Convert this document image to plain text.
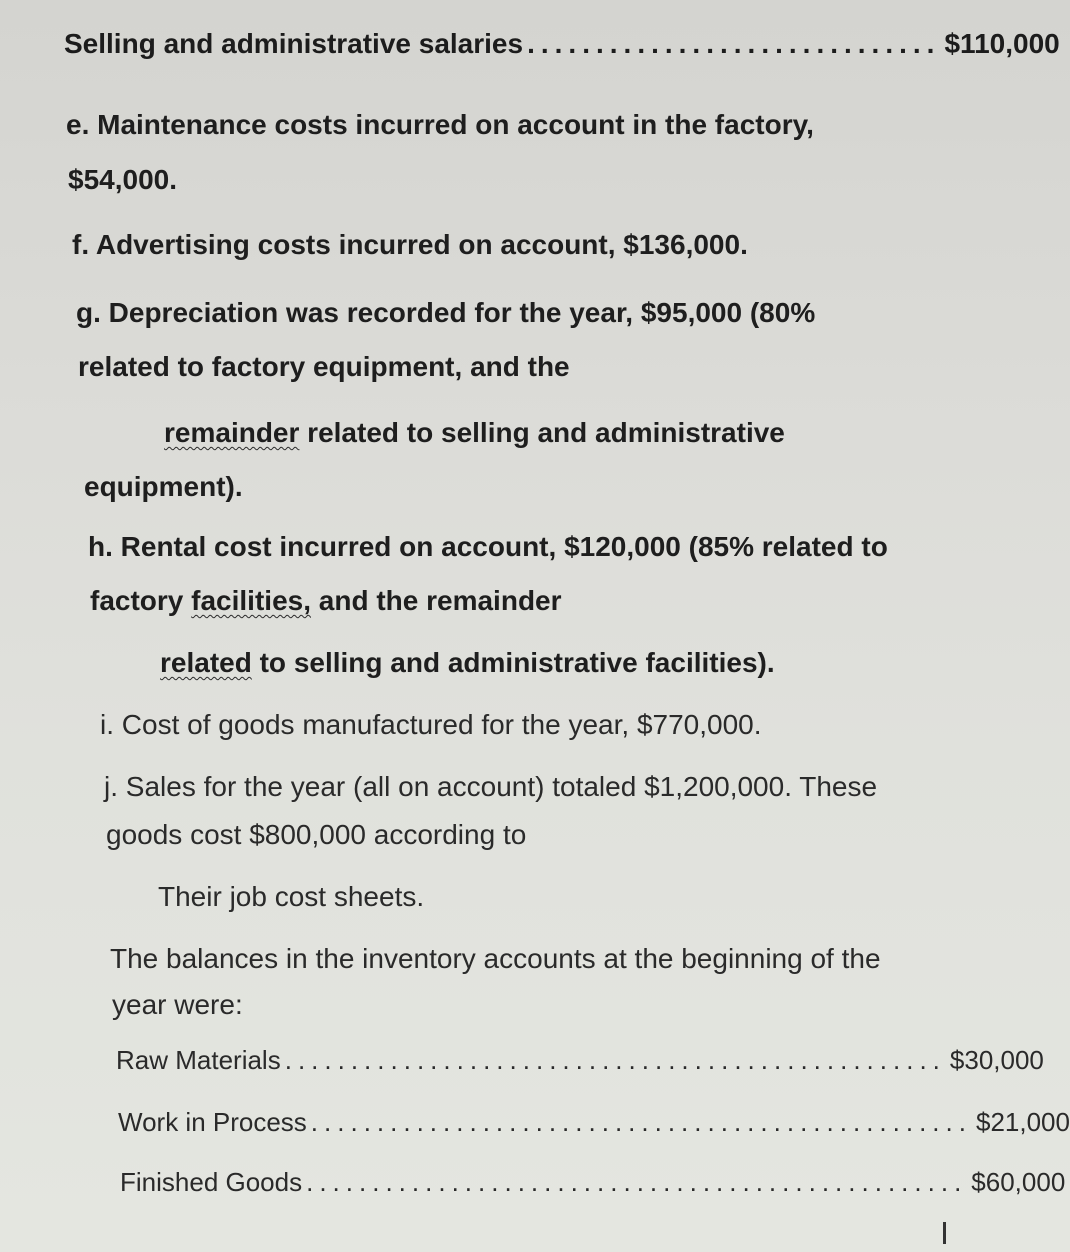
Selling and administrative salaries .............................. $110,000
e. Maintenance costs incurred on account in the factory,
$54,000.
f. Advertising costs incurred on account, $136,000.
g. Depreciation was recorded for the year, $95,000 (80%
related to factory equipment, and the
remainder related to selling and administrative
equipment).
h. Rental cost incurred on account, $120,000 (85% related to
factory facilities, and the remainder
related to selling and administrative facilities).
i. Cost of goods manufactured for the year, $770,000.
j. Sales for the year (all on account) totaled $1,200,000. These
goods cost $800,000 according to
Their job cost sheets.
The balances in the inventory accounts at the beginning of the
year were:
Raw Materials .................................................. $30,000
Work in Process .................................................. $21,000
Finished Goods .................................................. $60,000
